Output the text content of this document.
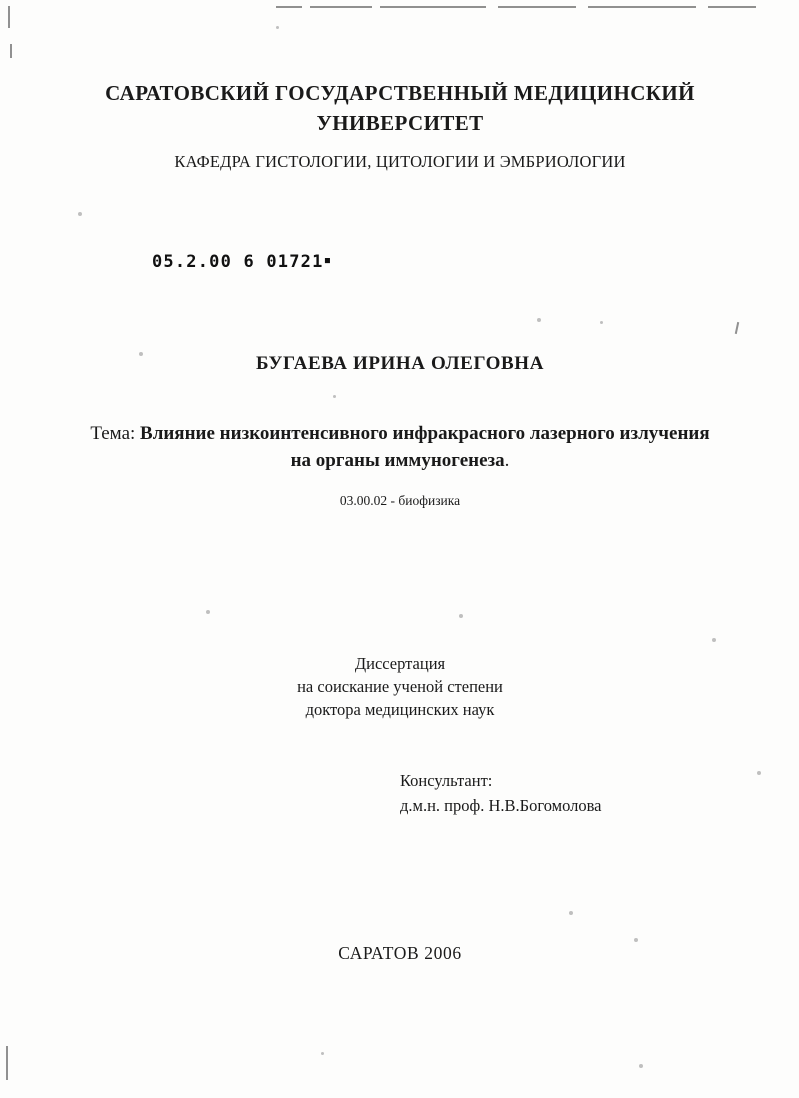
САРАТОВСКИЙ ГОСУДАРСТВЕННЫЙ МЕДИЦИНСКИЙ УНИВЕРСИТЕТ
КАФЕДРА ГИСТОЛОГИИ, ЦИТОЛОГИИ И ЭМБРИОЛОГИИ
05.2.00 6 01721▪
БУГАЕВА ИРИНА ОЛЕГОВНА
Тема: Влияние низкоинтенсивного инфракрасного лазерного излучения на органы иммуногенеза.
03.00.02 - биофизика
Диссертация
на соискание ученой степени
доктора медицинских наук
Консультант:
д.м.н. проф. Н.В.Богомолова
САРАТОВ 2006
